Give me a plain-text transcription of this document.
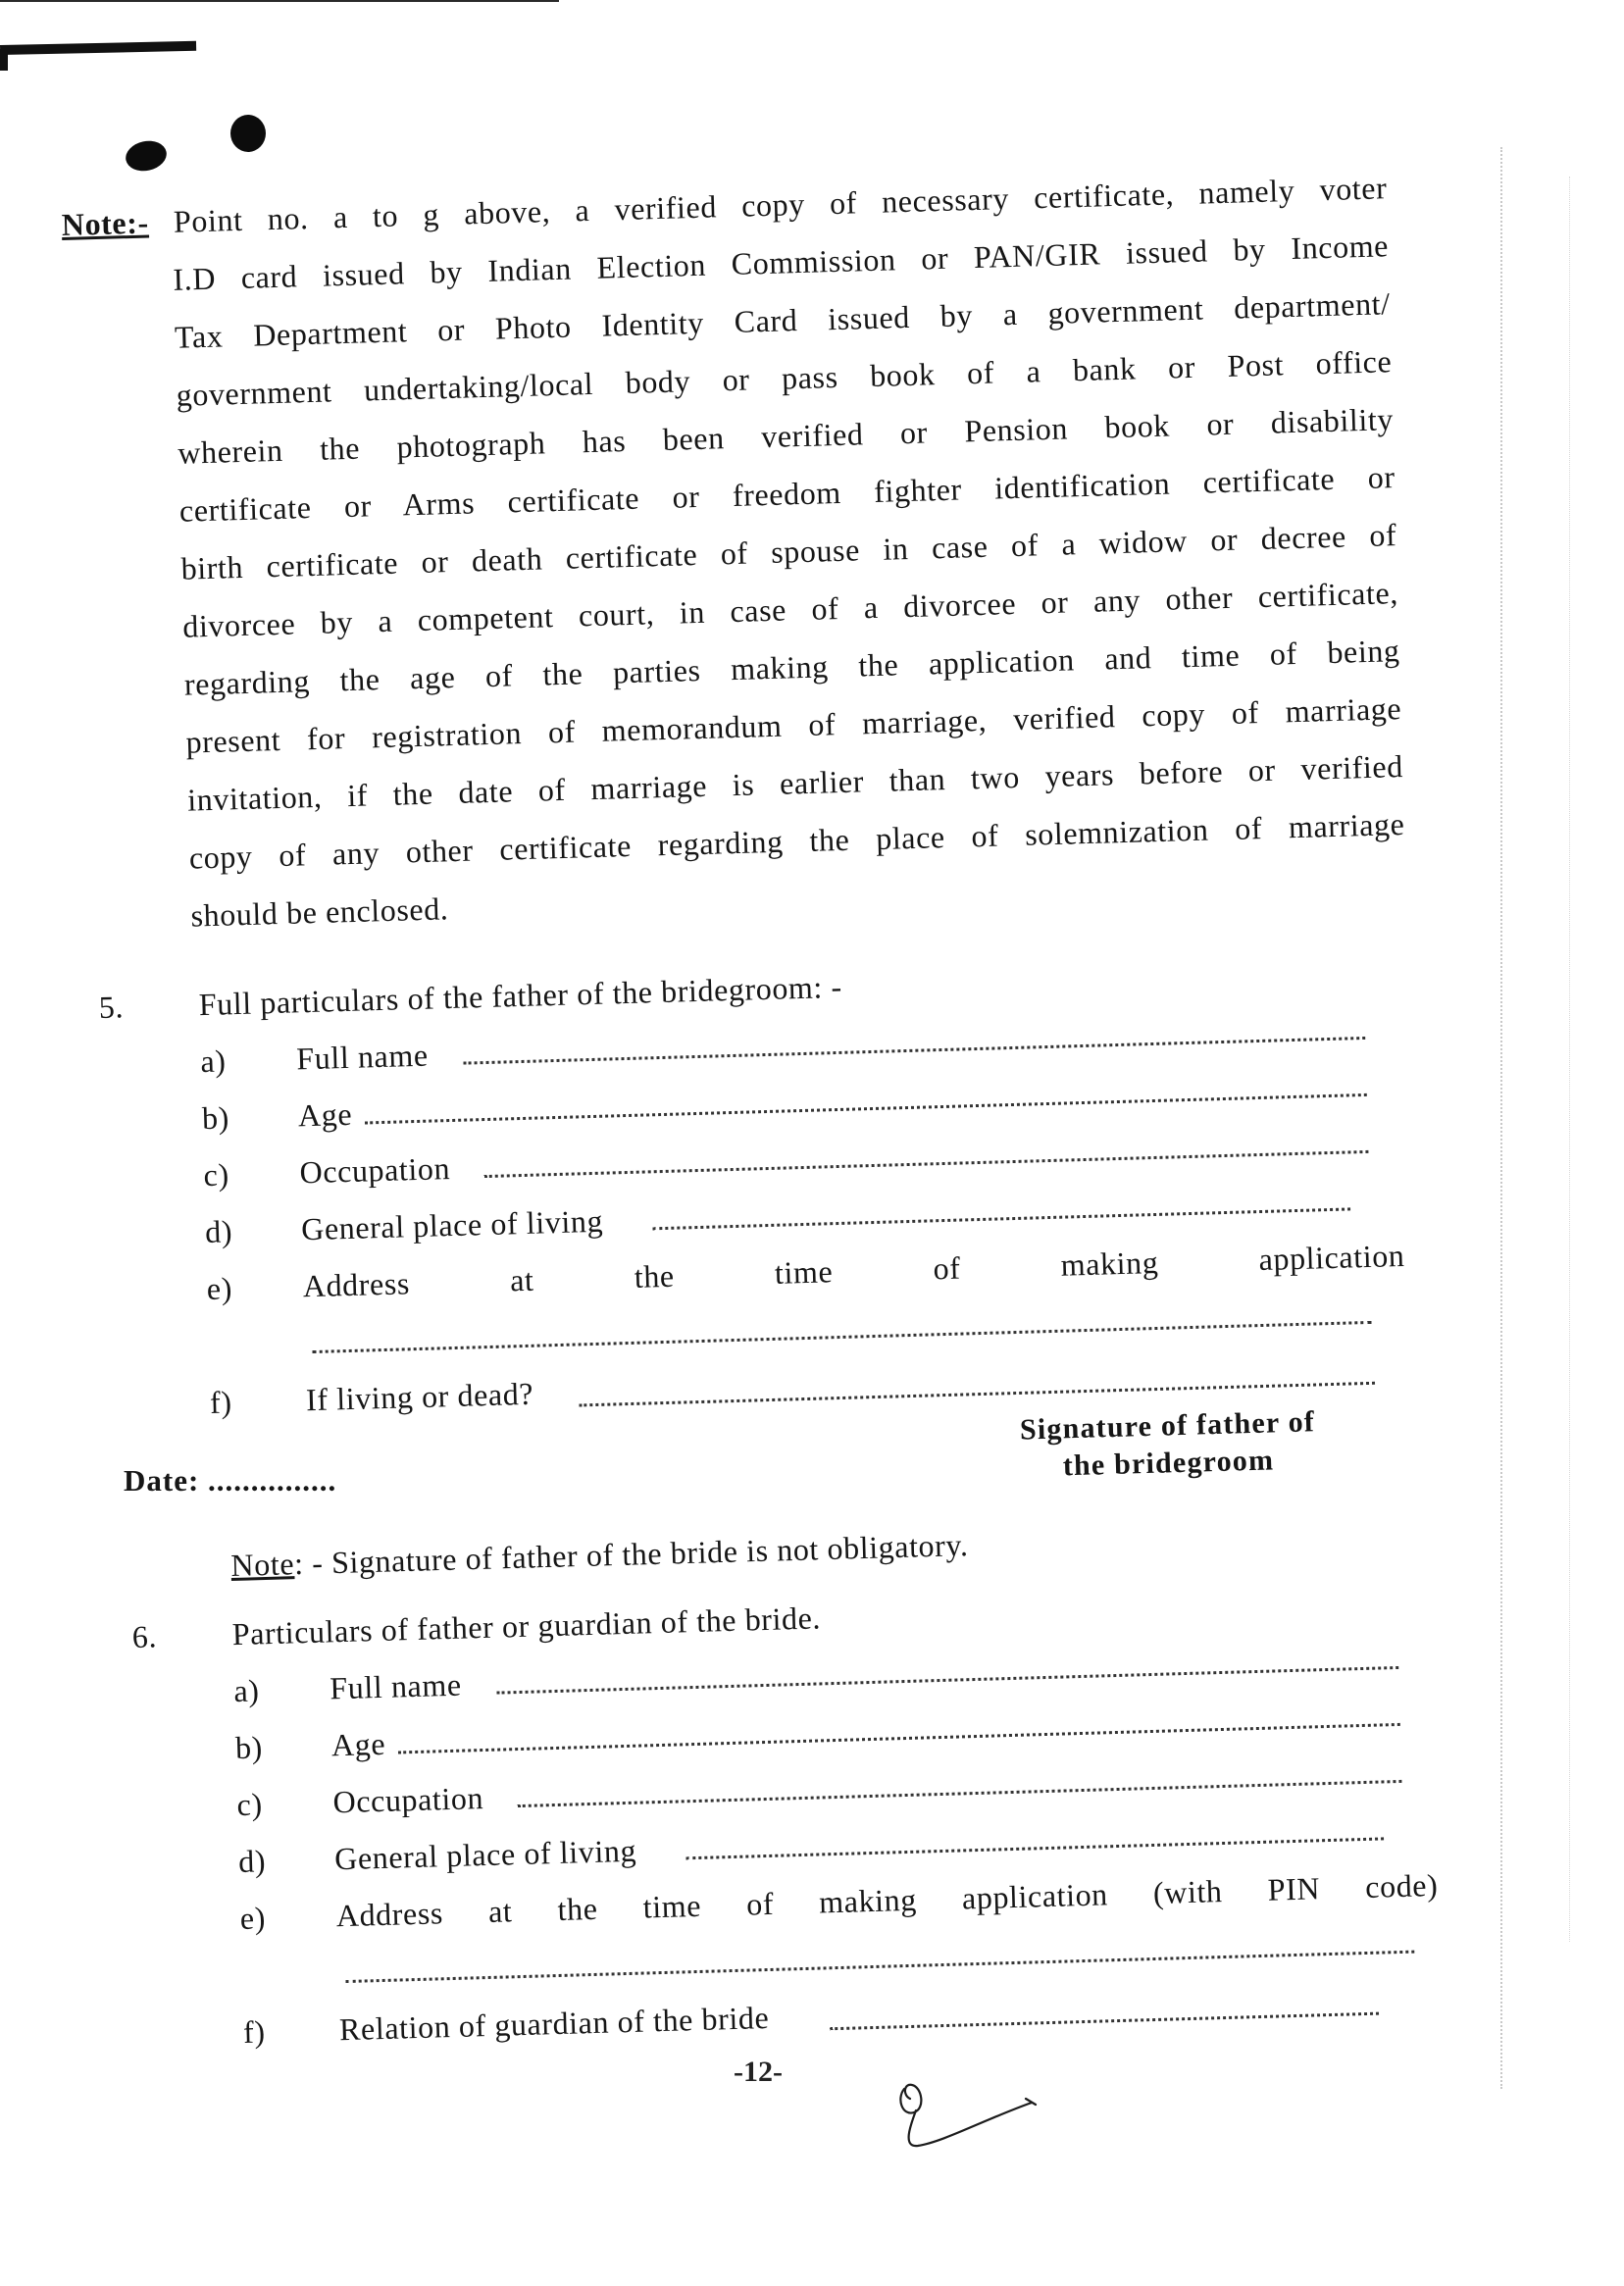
Note:- Point no. a to g above, a verified copy of necessary certificate, namely voter
I.D card issued by Indian Election Commission or PAN/GIR issued by Income
Tax Department or Photo Identity Card issued by a government department/
government undertaking/local body or pass book of a bank or Post office
wherein the photograph has been verified or Pension book or disability
certificate or Arms certificate or freedom fighter identification certificate or
birth certificate or death certificate of spouse in case of a widow or decree of
divorcee by a competent court, in case of a divorcee or any other certificate,
regarding the age of the parties making the application and time of being
present for registration of memorandum of marriage, verified copy of marriage
invitation, if the date of marriage is earlier than two years before or verified
copy of any other certificate regarding the place of solemnization of marriage
should be enclosed.
5. Full particulars of the father of the bridegroom: -
a) Full name
b) Age
c) Occupation
d) General place of living
e) Address	at	the	time	of	making	application
f) If living or dead?
Signature of father of
the bridegroom
Date: ...............
Note: - Signature of father of the bride is not obligatory.
6. Particulars of father or guardian of the bride.
a) Full name
b) Age
c) Occupation
d) General place of living
e) Address at the time of making application (with PIN code)
f) Relation of guardian of the bride
-12-
